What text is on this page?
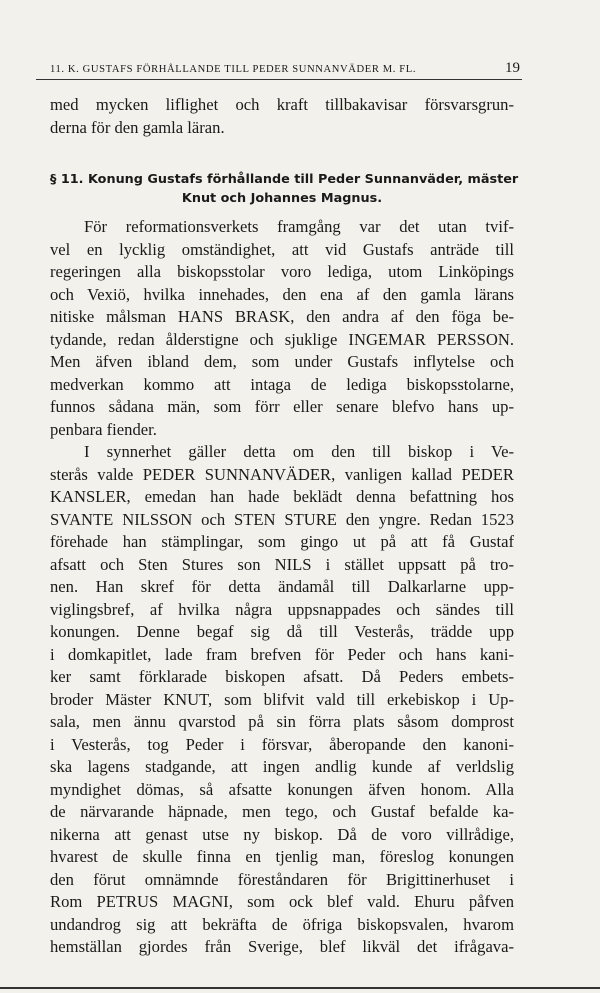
11. K. GUSTAFS FÖRHÅLLANDE TILL PEDER SUNNANVÄDER M. FL.	19
med mycken liflighet och kraft tillbakavisar försvarsgrun-
derna för den gamla läran.
§ 11. Konung Gustafs förhållande till Peder Sunnanväder, mäster
Knut och Johannes Magnus.
För reformationsverkets framgång var det utan tvif-
vel en lycklig omständighet, att vid Gustafs anträde till
regeringen alla biskopsstolar voro lediga, utom Linköpings
och Vexiö, hvilka innehades, den ena af den gamla lärans
nitiske målsman HANS BRASK, den andra af den föga be-
tydande, redan ålderstigne och sjuklige INGEMAR PERSSON.
Men äfven ibland dem, som under Gustafs inflytelse och
medverkan kommo att intaga de lediga biskopsstolarne,
funnos sådana män, som förr eller senare blefvo hans up-
penbara fiender.
I synnerhet gäller detta om den till biskop i Ve-
sterås valde PEDER SUNNANVÄDER, vanligen kallad PEDER
KANSLER, emedan han hade beklädt denna befattning hos
SVANTE NILSSON och STEN STURE den yngre. Redan 1523
förehade han stämplingar, som gingo ut på att få Gustaf
afsatt och Sten Stures son NILS i stället uppsatt på tro-
nen. Han skref för detta ändamål till Dalkarlarne upp-
viglingsbref, af hvilka några uppsnappades och sändes till
konungen. Denne begaf sig då till Vesterås, trädde upp
i domkapitlet, lade fram brefven för Peder och hans kani-
ker samt förklarade biskopen afsatt. Då Peders embets-
broder Mäster KNUT, som blifvit vald till erkebiskop i Up-
sala, men ännu qvarstod på sin förra plats såsom domprost
i Vesterås, tog Peder i försvar, åberopande den kanoni-
ska lagens stadgande, att ingen andlig kunde af verldslig
myndighet dömas, så afsatte konungen äfven honom. Alla
de närvarande häpnade, men tego, och Gustaf befalde ka-
nikerna att genast utse ny biskop. Då de voro villrådige,
hvarest de skulle finna en tjenlig man, föreslog konungen
den förut omnämnde föreståndaren för Brigittinerhuset i
Rom PETRUS MAGNI, som ock blef vald. Ehuru påfven
undandrog sig att bekräfta de öfriga biskopsvalen, hvarom
hemställan gjordes från Sverige, blef likväl det ifrågava-
